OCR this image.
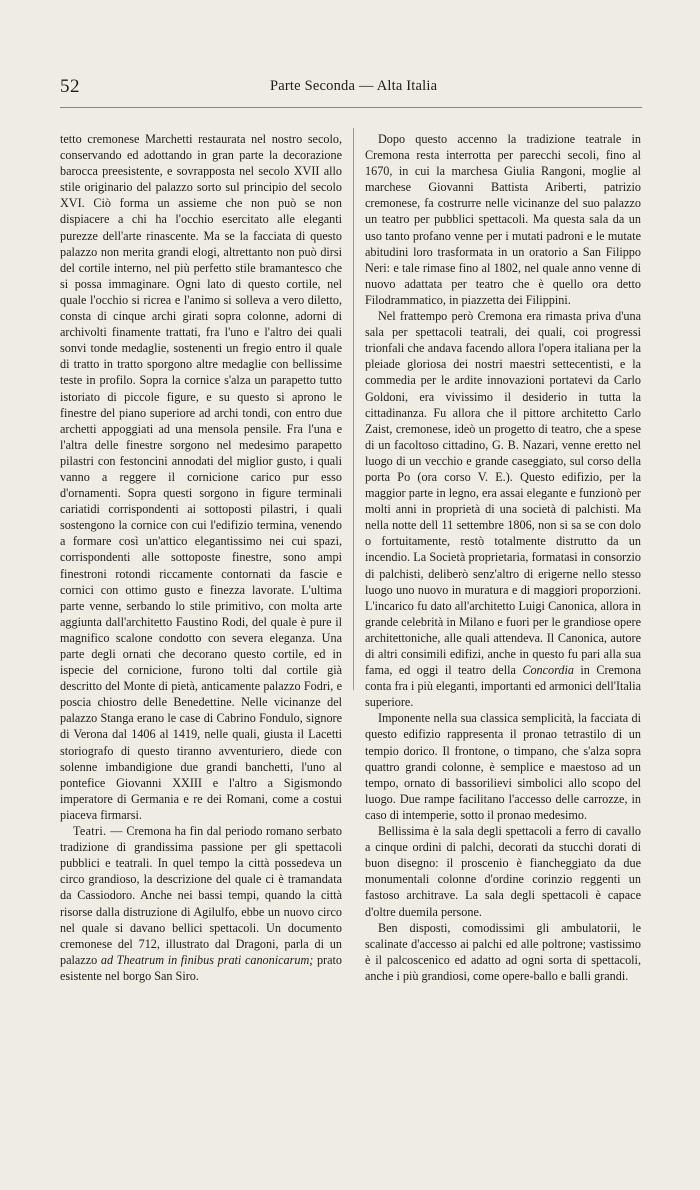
52	Parte Seconda — Alta Italia

tetto cremonese Marchetti restaurata nel nostro secolo, conservando ed adottando in gran parte la decorazione barocca preesistente, e sovrapposta nel secolo XVII allo stile originario del palazzo sorto sul principio del secolo XVI. Ciò forma un assieme che non può se non dispiacere a chi ha l'occhio esercitato alle eleganti purezze dell'arte rinascente. Ma se la facciata di questo palazzo non merita grandi elogi, altrettanto non può dirsi del cortile interno, nel più perfetto stile bramantesco che si possa immaginare. Ogni lato di questo cortile, nel quale l'occhio si ricrea e l'animo si solleva a vero diletto, consta di cinque archi girati sopra colonne, adorni di archivolti finamente trattati, fra l'uno e l'altro dei quali sonvi tonde medaglie, sostenenti un fregio entro il quale di tratto in tratto sporgono altre medaglie con bellissime teste in profilo. Sopra la cornice s'alza un parapetto tutto istoriato di piccole figure, e su questo si aprono le finestre del piano superiore ad archi tondi, con entro due archetti appoggiati ad una mensola pensile. Fra l'una e l'altra delle finestre sorgono nel medesimo parapetto pilastri con festoncini annodati del miglior gusto, i quali vanno a reggere il cornicione carico pur esso d'ornamenti. Sopra questi sorgono in figure terminali cariatidi corrispondenti ai sottoposti pilastri, i quali sostengono la cornice con cui l'edifizio termina, venendo a formare così un'attico elegantissimo nei cui spazi, corrispondenti alle sottoposte finestre, sono ampi finestroni rotondi riccamente contornati da fascie e cornici con ottimo gusto e finezza lavorate. L'ultima parte venne, serbando lo stile primitivo, con molta arte aggiunta dall'architetto Faustino Rodi, del quale è pure il magnifico scalone condotto con severa eleganza. Una parte degli ornati che decorano questo cortile, ed in ispecie del cornicione, furono tolti dal cortile già descritto del Monte di pietà, anticamente palazzo Fodri, e poscia chiostro delle Benedettine. Nelle vicinanze del palazzo Stanga erano le case di Cabrino Fondulo, signore di Verona dal 1406 al 1419, nelle quali, giusta il Lacetti storiografo di questo tiranno avventuriero, diede con solenne imbandigione due grandi banchetti, l'uno al pontefice Giovanni XXIII e l'altro a Sigismondo imperatore di Germania e re dei Romani, come a costui piaceva firmarsi.

Teatri. — Cremona ha fin dal periodo romano serbato tradizione di grandissima passione per gli spettacoli pubblici e teatrali. In quel tempo la città possedeva un circo grandioso, la descrizione del quale ci è tramandata da Cassiodoro. Anche nei bassi tempi, quando la città risorse dalla distruzione di Agilulfo, ebbe un nuovo circo nel quale si davano bellici spettacoli. Un documento cremonese del 712, illustrato dal Dragoni, parla di un palazzo ad Theatrum in finibus prati canonicarum; prato esistente nel borgo San Siro.

Dopo questo accenno la tradizione teatrale in Cremona resta interrotta per parecchi secoli, fino al 1670, in cui la marchesa Giulia Rangoni, moglie al marchese Giovanni Battista Ariberti, patrizio cremonese, fa costrurre nelle vicinanze del suo palazzo un teatro per pubblici spettacoli. Ma questa sala da un uso tanto profano venne per i mutati padroni e le mutate abitudini loro trasformata in un oratorio a San Filippo Neri: e tale rimase fino al 1802, nel quale anno venne di nuovo adattata per teatro che è quello ora detto Filodrammatico, in piazzetta dei Filippini.

Nel frattempo però Cremona era rimasta priva d'una sala per spettacoli teatrali, dei quali, coi progressi trionfali che andava facendo allora l'opera italiana per la pleiade gloriosa dei nostri maestri settecentisti, e la commedia per le ardite innovazioni portatevi da Carlo Goldoni, era vivissimo il desiderio in tutta la cittadinanza. Fu allora che il pittore architetto Carlo Zaist, cremonese, ideò un progetto di teatro, che a spese di un facoltoso cittadino, G. B. Nazari, venne eretto nel luogo di un vecchio e grande caseggiato, sul corso della porta Po (ora corso V. E.). Questo edifizio, per la maggior parte in legno, era assai elegante e funzionò per molti anni in proprietà di una società di palchisti. Ma nella notte dell 11 settembre 1806, non si sa se con dolo o fortuitamente, restò totalmente distrutto da un incendio. La Società proprietaria, formatasi in consorzio di palchisti, deliberò senz'altro di erigerne nello stesso luogo uno nuovo in muratura e di maggiori proporzioni. L'incarico fu dato all'architetto Luigi Canonica, allora in grande celebrità in Milano e fuori per le grandiose opere architettoniche, alle quali attendeva. Il Canonica, autore di altri consimili edifizi, anche in questo fu pari alla sua fama, ed oggi il teatro della Concordia in Cremona conta fra i più eleganti, importanti ed armonici dell'Italia superiore.

Imponente nella sua classica semplicità, la facciata di questo edifizio rappresenta il pronao tetrastilo di un tempio dorico. Il frontone, o timpano, che s'alza sopra quattro grandi colonne, è semplice e maestoso ad un tempo, ornato di bassorilievi simbolici allo scopo del luogo. Due rampe facilitano l'accesso delle carrozze, in caso di intemperie, sotto il pronao medesimo.

Bellissima è la sala degli spettacoli a ferro di cavallo a cinque ordini di palchi, decorati da stucchi dorati di buon disegno: il proscenio è fiancheggiato da due monumentali colonne d'ordine corinzio reggenti un fastoso architrave. La sala degli spettacoli è capace d'oltre duemila persone.

Ben disposti, comodissimi gli ambulatorii, le scalinate d'accesso ai palchi ed alle poltrone; vastissimo è il palcoscenico ed adatto ad ogni sorta di spettacoli, anche i più grandiosi, come opere-ballo e balli grandi.
